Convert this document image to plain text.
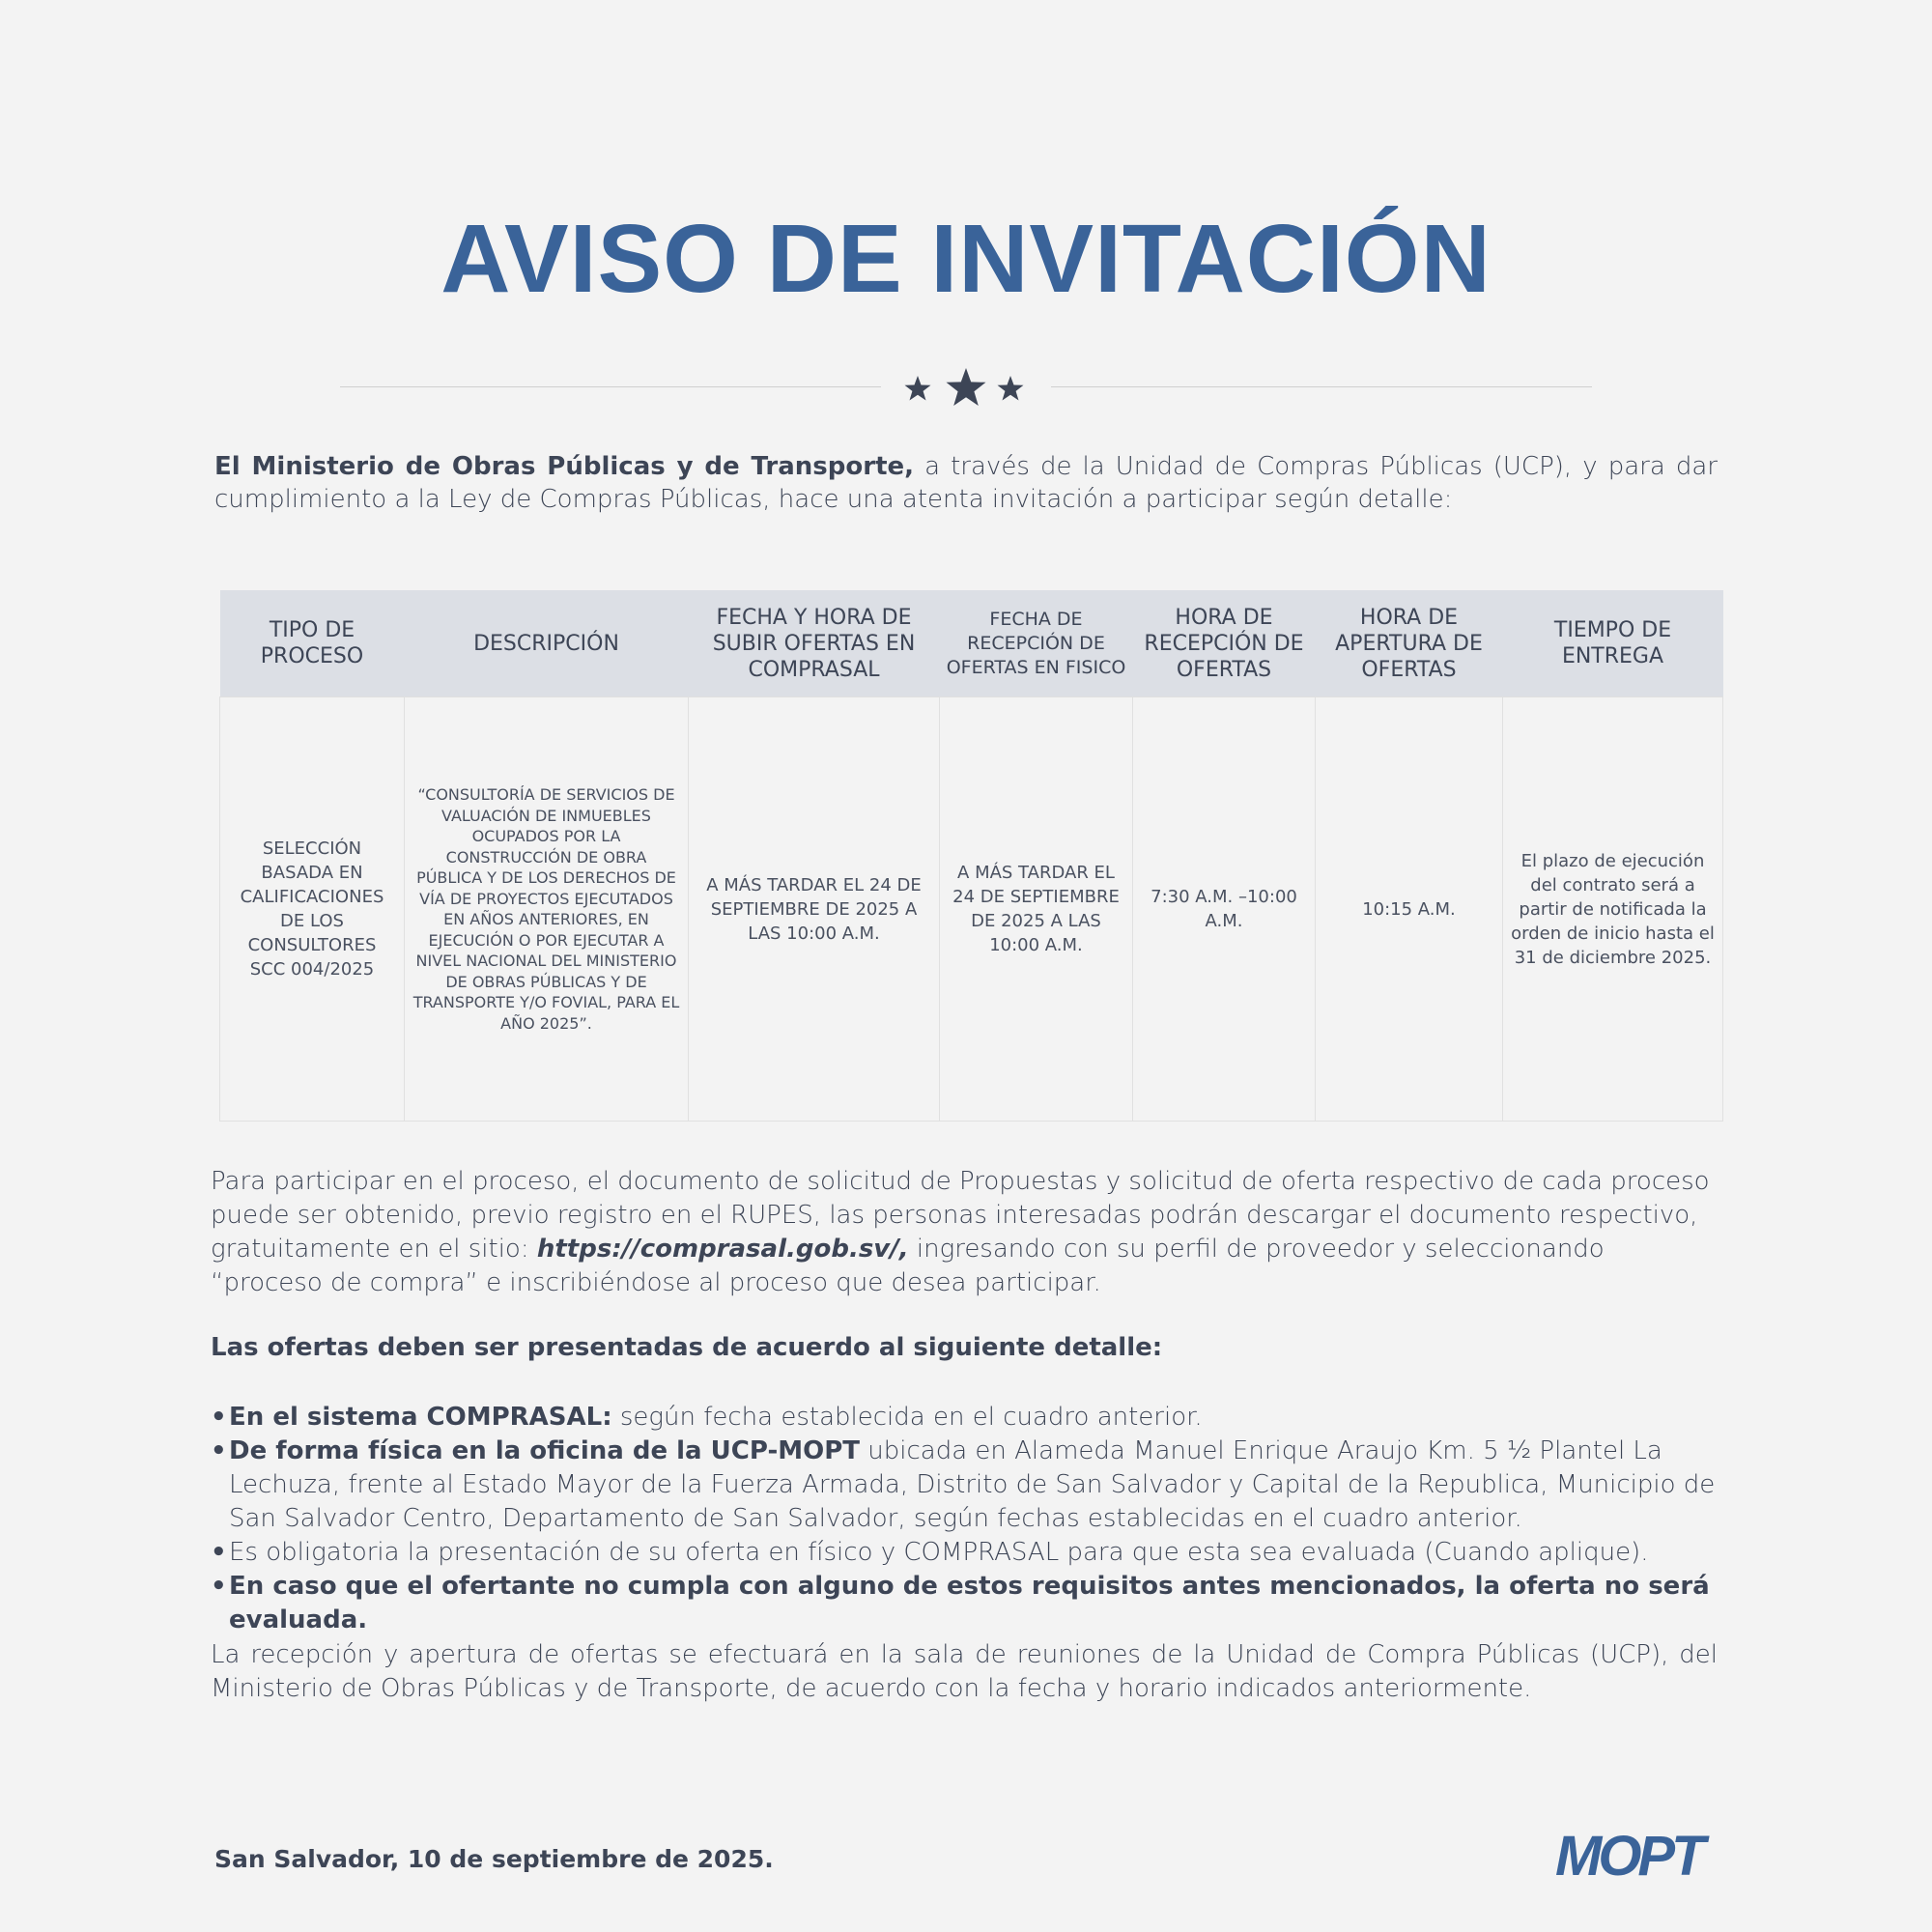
AVISO DE INVITACIÓN

El Ministerio de Obras Públicas y de Transporte, a través de la Unidad de Compras Públicas (UCP), y para dar cumplimiento a la Ley de Compras Públicas, hace una atenta invitación a participar según detalle:

TIPO DE PROCESO	DESCRIPCIÓN	FECHA Y HORA DE SUBIR OFERTAS EN COMPRASAL	FECHA DE RECEPCIÓN DE OFERTAS EN FISICO	HORA DE RECEPCIÓN DE OFERTAS	HORA DE APERTURA DE OFERTAS	TIEMPO DE ENTREGA
SELECCIÓN BASADA EN CALIFICACIONES DE LOS CONSULTORES SCC 004/2025	“CONSULTORÍA DE SERVICIOS DE VALUACIÓN DE INMUEBLES OCUPADOS POR LA CONSTRUCCIÓN DE OBRA PÚBLICA Y DE LOS DERECHOS DE VÍA DE PROYECTOS EJECUTADOS EN AÑOS ANTERIORES, EN EJECUCIÓN O POR EJECUTAR A NIVEL NACIONAL DEL MINISTERIO DE OBRAS PÚBLICAS Y DE TRANSPORTE Y/O FOVIAL, PARA EL AÑO 2025”.	A MÁS TARDAR EL 24 DE SEPTIEMBRE DE 2025 A LAS 10:00 A.M.	A MÁS TARDAR EL 24 DE SEPTIEMBRE DE 2025 A LAS 10:00 A.M.	7:30 A.M. –10:00 A.M.	10:15 A.M.	El plazo de ejecución del contrato será a partir de notificada la orden de inicio hasta el 31 de diciembre 2025.

Para participar en el proceso, el documento de solicitud de Propuestas y solicitud de oferta respectivo de cada proceso puede ser obtenido, previo registro en el RUPES, las personas interesadas podrán descargar el documento respectivo, gratuitamente en el sitio: https://comprasal.gob.sv/, ingresando con su perfil de proveedor y seleccionando “proceso de compra” e inscribiéndose al proceso que desea participar.

Las ofertas deben ser presentadas de acuerdo al siguiente detalle:

• En el sistema COMPRASAL: según fecha establecida en el cuadro anterior.
• De forma física en la oficina de la UCP-MOPT ubicada en Alameda Manuel Enrique Araujo Km. 5 ½ Plantel La Lechuza, frente al Estado Mayor de la Fuerza Armada, Distrito de San Salvador y Capital de la Republica, Municipio de San Salvador Centro, Departamento de San Salvador, según fechas establecidas en el cuadro anterior.
• Es obligatoria la presentación de su oferta en físico y COMPRASAL para que esta sea evaluada (Cuando aplique).
• En caso que el ofertante no cumpla con alguno de estos requisitos antes mencionados, la oferta no será evaluada.

La recepción y apertura de ofertas se efectuará en la sala de reuniones de la Unidad de Compra Públicas (UCP), del Ministerio de Obras Públicas y de Transporte, de acuerdo con la fecha y horario indicados anteriormente.

San Salvador, 10 de septiembre de 2025.	MOPT
